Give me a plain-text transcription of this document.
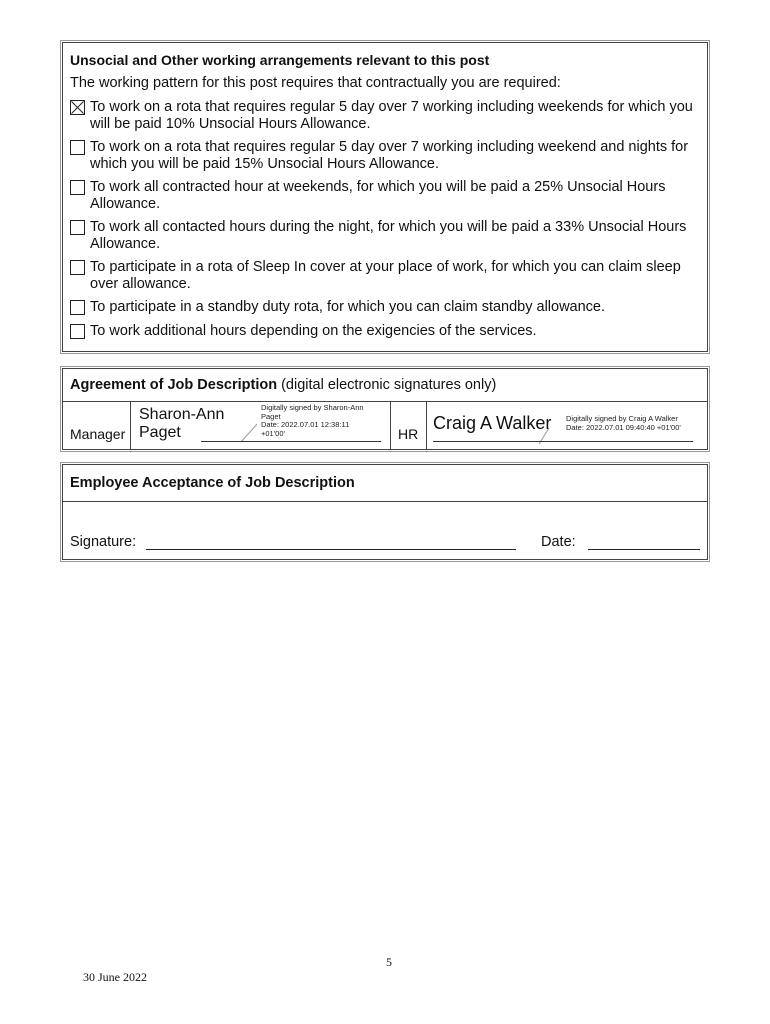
Unsocial and Other working arrangements relevant to this post
The working pattern for this post requires that contractually you are required:
To work on a rota that requires regular 5 day over 7 working including weekends for which you will be paid 10% Unsocial Hours Allowance.
To work on a rota that requires regular 5 day over 7 working including weekend and nights for which you will be paid 15% Unsocial Hours Allowance.
To work all contracted hour at weekends, for which you will be paid a 25% Unsocial Hours Allowance.
To work all contacted hours during the night, for which you will be paid a 33% Unsocial Hours Allowance.
To participate in a rota of Sleep In cover at your place of work, for which you can claim sleep over allowance.
To participate in a standby duty rota, for which you can claim standby allowance.
To work additional hours depending on the exigencies of the services.
Agreement of Job Description (digital electronic signatures only)
Manager
Sharon-Ann
Paget
Digitally signed by Sharon-Ann
Paget
Date: 2022.07.01 12:38:11
+01'00'	HR
Craig A Walker Digitally signed by Craig A Walker
Date: 2022.07.01 09:40:40 +01'00'
Employee Acceptance of Job Description
Signature:	Date:
5
30 June 2022
